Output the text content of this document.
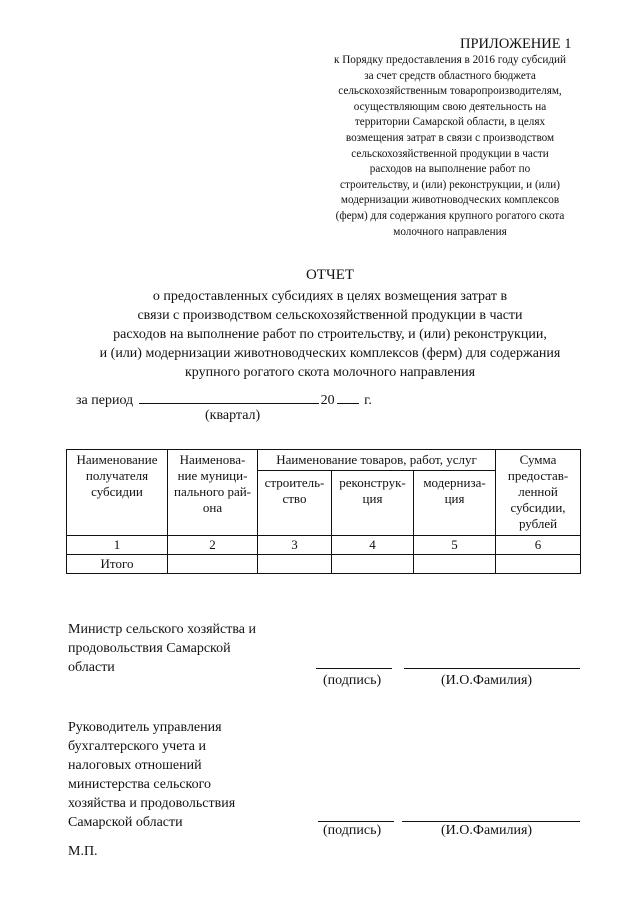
ПРИЛОЖЕНИЕ 1
к Порядку предоставления в 2016 году субсидий
за счет средств областного бюджета
сельскохозяйственным товаропроизводителям,
осуществляющим свою деятельность на
территории Самарской области, в целях
возмещения затрат в связи с производством
сельскохозяйственной продукции в части
расходов на выполнение работ по
строительству, и (или) реконструкции, и (или)
модернизации животноводческих комплексов
(ферм) для содержания крупного рогатого скота
молочного направления
ОТЧЕТ
о предоставленных субсидиях в целях возмещения затрат в
связи с производством сельскохозяйственной продукции в части
расходов на выполнение работ по строительству, и (или) реконструкции,
и (или) модернизации животноводческих комплексов (ферм) для содержания
крупного рогатого скота молочного направления
за период	20 г.
(квартал)
Наименование получателя субсидии	Наименова-ние муници-пального рай-она	Наименование товаров, работ, услуг			Сумма предостав-ленной субсидии, рублей
		строитель-ство	реконструк-ция	модерниза-ция	
1	2	3	4	5	6
Итого					
Министр сельского хозяйства и продовольствия Самарской области
(подпись)	(И.О.Фамилия)
Руководитель управления бухгалтерского учета и налоговых отношений министерства сельского хозяйства и продовольствия Самарской области
(подпись)	(И.О.Фамилия)
М.П.
